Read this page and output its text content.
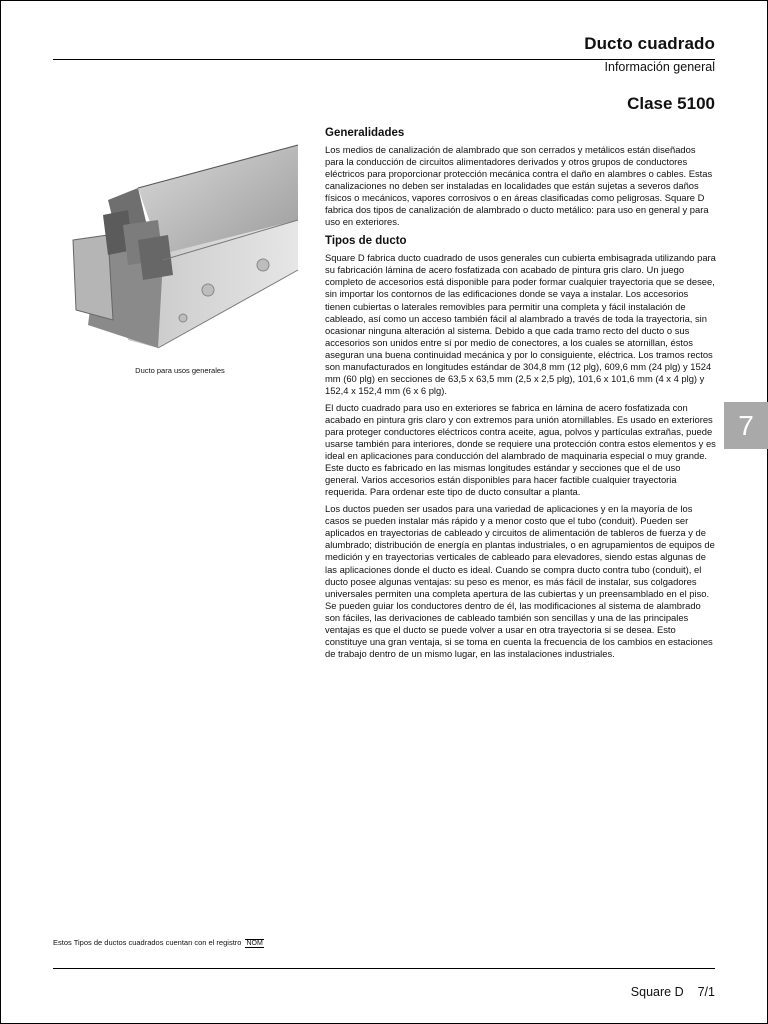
Ducto cuadrado
Información general
Clase 5100
Ducto para usos generales
Generalidades

Los medios de canalización de alambrado que son cerrados y metálicos están diseñados para la conducción de circuitos alimentadores derivados y otros grupos de conductores eléctricos para proporcionar protección mecánica contra el daño en alambres o cables. Estas canalizaciones no deben ser instaladas en localidades que están sujetas a severos daños físicos o mecánicos, vapores corrosivos o en áreas clasificadas como peligrosas. Square D fabrica dos tipos de canalización de alambrado o ducto metálico: para uso en general y para uso en exteriores.

Tipos de ducto

Square D fabrica ducto cuadrado de usos generales cun cubierta embisagrada utilizando para su fabricación lámina de acero fosfatizada con acabado de pintura gris claro. Un juego completo de accesorios está disponible para poder formar cualquier trayectoria que se desee, sin importar los contornos de las edificaciones donde se vaya a instalar. Los accesorios tienen cubiertas o laterales removibles para permitir una completa y fácil instalación de cableado, así como un acceso también fácil al alambrado a través de toda la trayectoria, sin ocasionar ninguna alteración al sistema. Debido a que cada tramo recto del ducto o sus accesorios son unidos entre sí por medio de conectores, a los cuales se atornillan, éstos aseguran una buena continuidad mecánica y por lo consiguiente, eléctrica. Los tramos rectos son manufacturados en longitudes estándar de 304,8 mm (12 plg), 609,6 mm (24 plg) y 1524 mm (60 plg) en secciones de 63,5 x 63,5 mm (2,5 x 2,5 plg), 101,6 x 101,6 mm (4 x 4 plg) y 152,4 x 152,4 mm (6 x 6 plg).

El ducto cuadrado para uso en exteriores se fabrica en lámina de acero fosfatizada con acabado en pintura gris claro y con extremos para unión atornillables. Es usado en exteriores para proteger conductores eléctricos contra aceite, agua, polvos y partículas extrañas, puede usarse también para interiores, donde se requiere una protección contra estos elementos y es ideal en aplicaciones para conducción del alambrado de maquinaria especial o muy grande. Este ducto es fabricado en las mismas longitudes estándar y secciones que el de uso general. Varios accesorios están disponibles para hacer factible cualquier trayectoria requerida. Para ordenar este tipo de ducto consultar a planta.

Los ductos pueden ser usados para una variedad de aplicaciones y en la mayoría de los casos se pueden instalar más rápido y a menor costo que el tubo (conduit). Pueden ser aplicados en trayectorias de cableado y circuitos de alimentación de tableros de fuerza y de alumbrado; distribución de energía en plantas industriales, o en agrupamientos de equipos de medición y en trayectorias verticales de cableado para elevadores, siendo estas algunas de las aplicaciones donde el ducto es ideal. Cuando se compra ducto contra tubo (conduit), el ducto posee algunas ventajas: su peso es menor, es más fácil de instalar, sus colgadores universales permiten una completa apertura de las cubiertas y un preensamblado en el piso. Se pueden guiar los conductores dentro de él, las modificaciones al sistema de alambrado son fáciles, las derivaciones de cableado también son sencillas y una de las principales ventajas es que el ducto se puede volver a usar en otra trayectoria si se desea. Esto constituye una gran ventaja, si se toma en cuenta la frecuencia de los cambios en estaciones de trabajo dentro de un mismo lugar, en las instalaciones industriales.

7
Estos Tipos de ductos cuadrados cuentan con el registro NOM
Square D 7/1
